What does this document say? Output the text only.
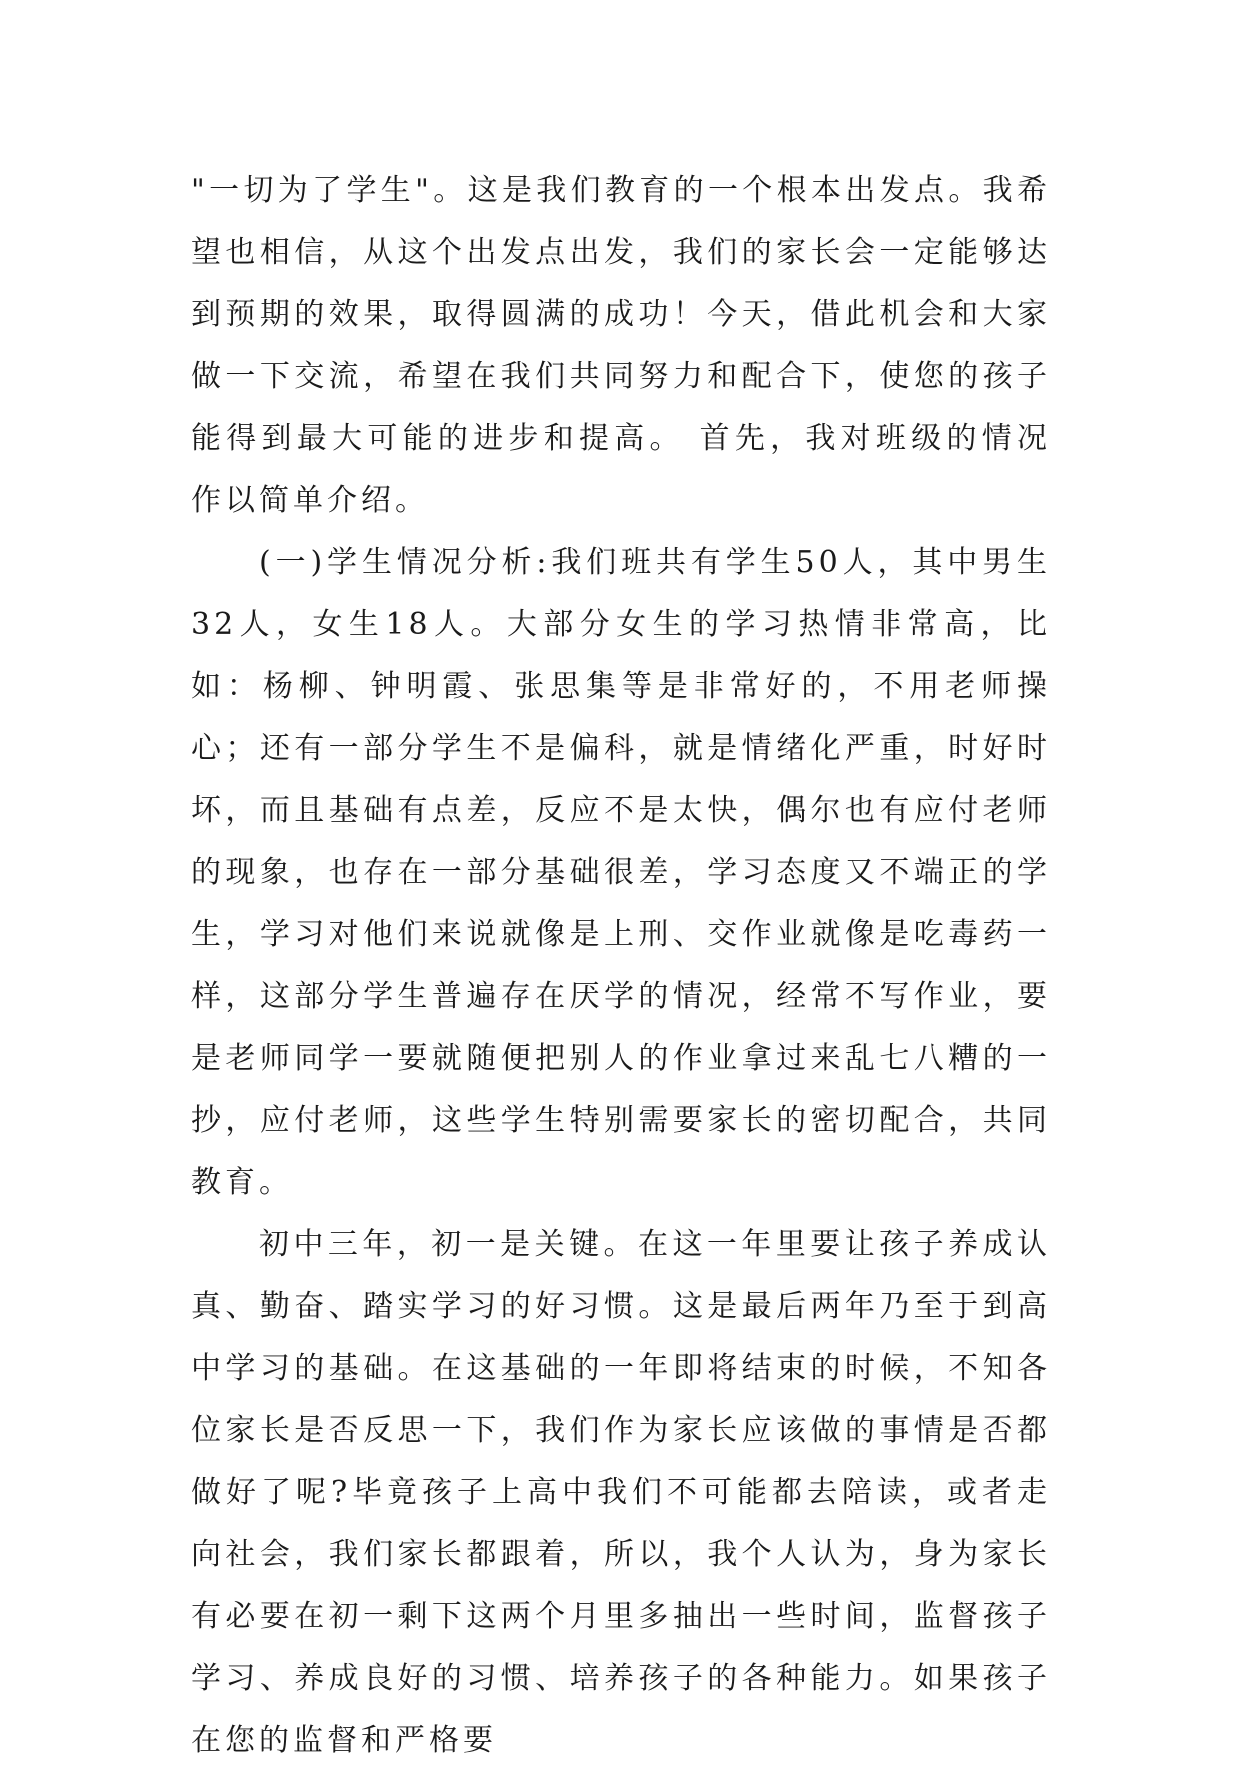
"一切为了学生"。这是我们教育的一个根本出发点。我希望也相信，从这个出发点出发，我们的家长会一定能够达到预期的效果，取得圆满的成功！今天，借此机会和大家做一下交流，希望在我们共同努力和配合下，使您的孩子能得到最大可能的进步和提高。 首先，我对班级的情况作以简单介绍。

(一)学生情况分析:我们班共有学生50人，其中男生32人，女生18人。大部分女生的学习热情非常高，比如：杨柳、钟明霞、张思集等是非常好的，不用老师操心；还有一部分学生不是偏科，就是情绪化严重，时好时坏，而且基础有点差，反应不是太快，偶尔也有应付老师的现象，也存在一部分基础很差，学习态度又不端正的学生，学习对他们来说就像是上刑、交作业就像是吃毒药一样，这部分学生普遍存在厌学的情况，经常不写作业，要是老师同学一要就随便把别人的作业拿过来乱七八糟的一抄，应付老师，这些学生特别需要家长的密切配合，共同教育。

初中三年，初一是关键。在这一年里要让孩子养成认真、勤奋、踏实学习的好习惯。这是最后两年乃至于到高中学习的基础。在这基础的一年即将结束的时候，不知各位家长是否反思一下，我们作为家长应该做的事情是否都做好了呢?毕竟孩子上高中我们不可能都去陪读，或者走向社会，我们家长都跟着，所以，我个人认为，身为家长有必要在初一剩下这两个月里多抽出一些时间，监督孩子学习、养成良好的习惯、培养孩子的各种能力。如果孩子在您的监督和严格要
